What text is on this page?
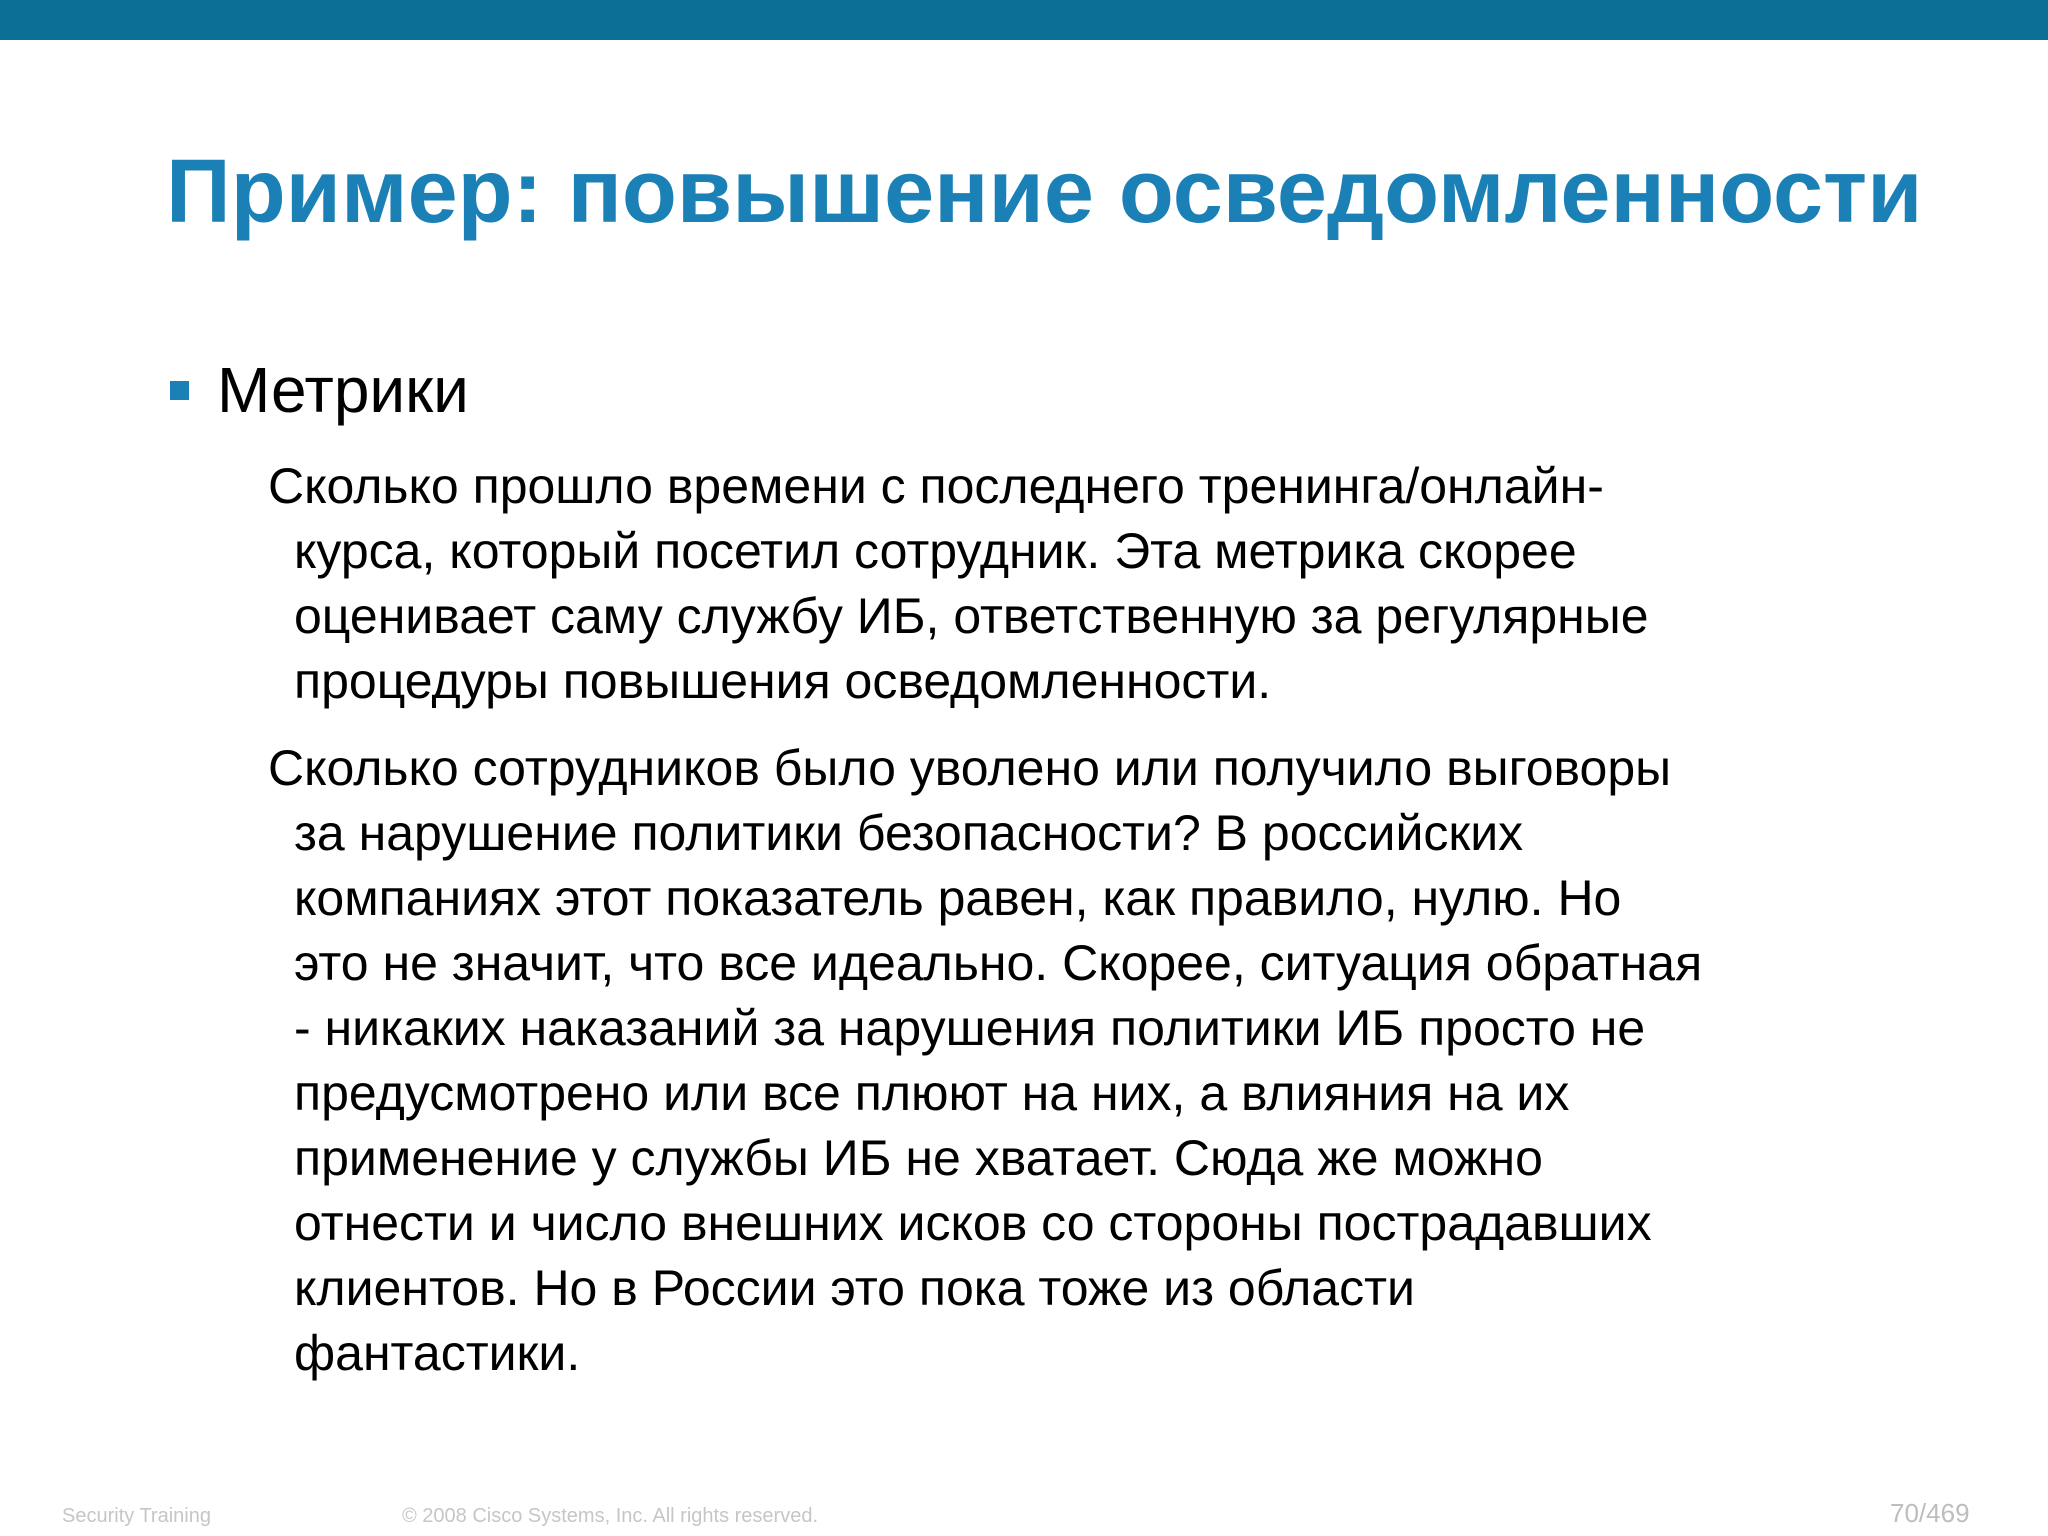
Пример: повышение осведомленности
Метрики

Сколько прошло времени с последнего тренинга/онлайн-
курса, который посетил сотрудник. Эта метрика скорее
оценивает саму службу ИБ, ответственную за регулярные
процедуры повышения осведомленности.

Сколько сотрудников было уволено или получило выговоры
за нарушение политики безопасности? В российских
компаниях этот показатель равен, как правило, нулю. Но
это не значит, что все идеально. Скорее, ситуация обратная
- никаких наказаний за нарушения политики ИБ просто не
предусмотрено или все плюют на них, а влияния на их
применение у службы ИБ не хватает. Сюда же можно
отнести и число внешних исков со стороны пострадавших
клиентов. Но в России это пока тоже из области
фантастики.

Security Training	© 2008 Cisco Systems, Inc. All rights reserved.	70/469
